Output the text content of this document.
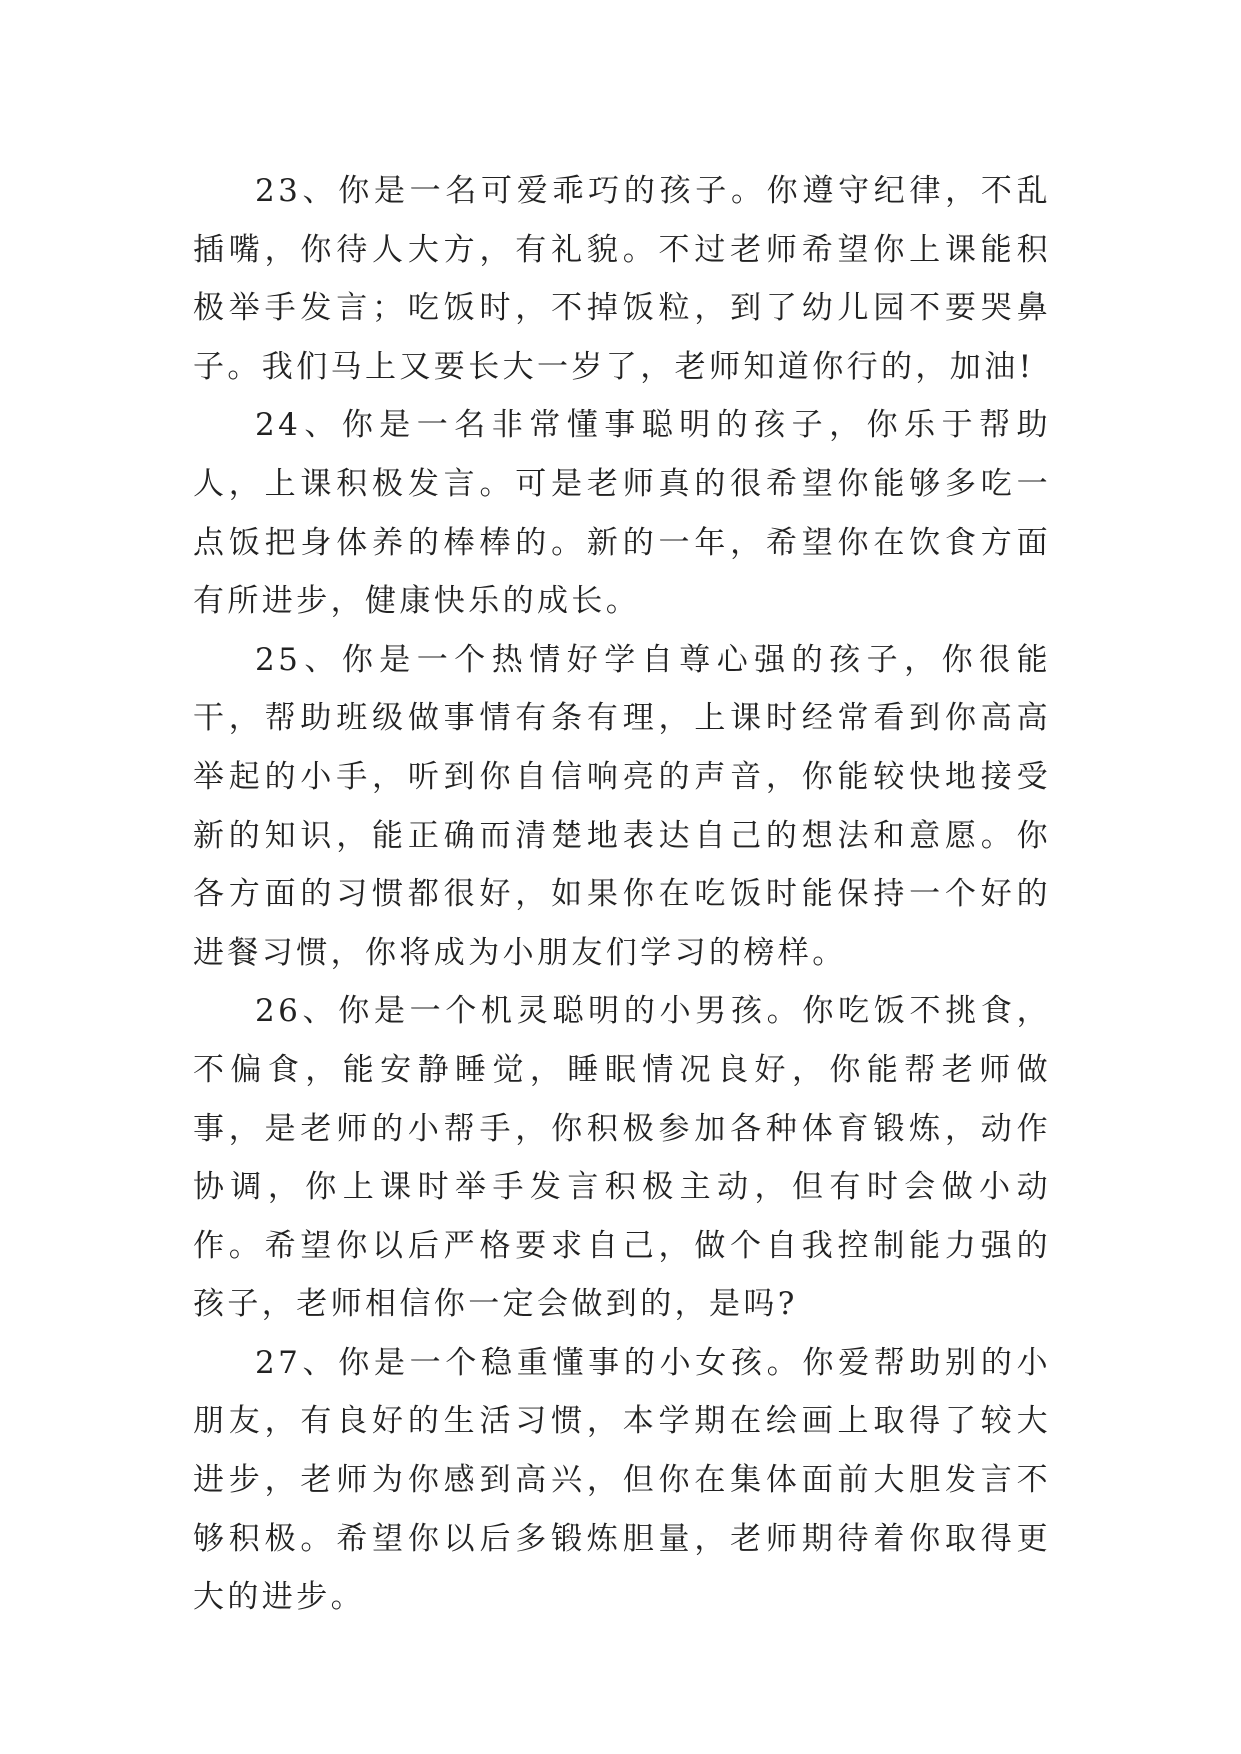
23、你是一名可爱乖巧的孩子。你遵守纪律，不乱插嘴，你待人大方，有礼貌。不过老师希望你上课能积极举手发言；吃饭时，不掉饭粒，到了幼儿园不要哭鼻子。我们马上又要长大一岁了，老师知道你行的，加油!

24、你是一名非常懂事聪明的孩子，你乐于帮助人，上课积极发言。可是老师真的很希望你能够多吃一点饭把身体养的棒棒的。新的一年，希望你在饮食方面有所进步，健康快乐的成长。

25、你是一个热情好学自尊心强的孩子，你很能干，帮助班级做事情有条有理，上课时经常看到你高高举起的小手，听到你自信响亮的声音，你能较快地接受新的知识，能正确而清楚地表达自己的想法和意愿。你各方面的习惯都很好，如果你在吃饭时能保持一个好的进餐习惯，你将成为小朋友们学习的榜样。

26、你是一个机灵聪明的小男孩。你吃饭不挑食，不偏食，能安静睡觉，睡眠情况良好，你能帮老师做事，是老师的小帮手，你积极参加各种体育锻炼，动作协调，你上课时举手发言积极主动，但有时会做小动作。希望你以后严格要求自己，做个自我控制能力强的孩子，老师相信你一定会做到的，是吗?

27、你是一个稳重懂事的小女孩。你爱帮助别的小朋友，有良好的生活习惯，本学期在绘画上取得了较大进步，老师为你感到高兴，但你在集体面前大胆发言不够积极。希望你以后多锻炼胆量，老师期待着你取得更大的进步。
